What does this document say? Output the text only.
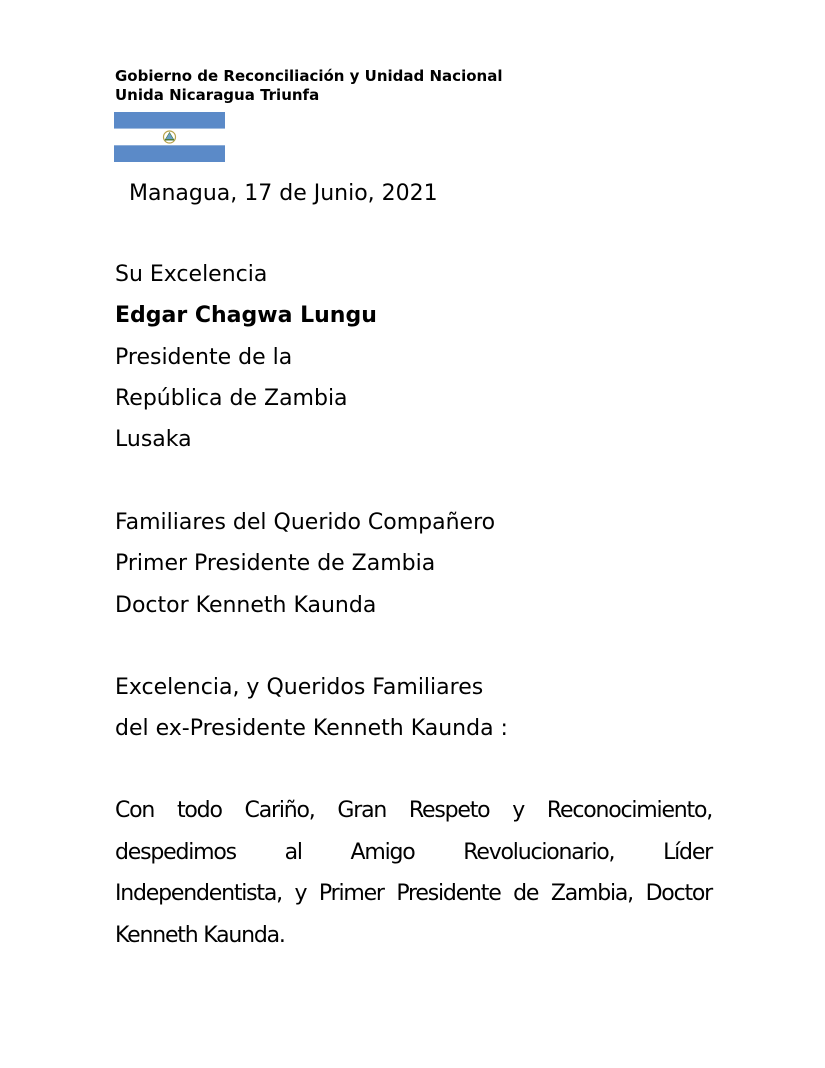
Gobierno de Reconciliación y Unidad Nacional
Unida Nicaragua Triunfa
Managua, 17 de Junio, 2021
Su Excelencia
Edgar Chagwa Lungu
Presidente de la
República de Zambia
Lusaka
Familiares del Querido Compañero
Primer Presidente de Zambia
Doctor Kenneth Kaunda
Excelencia, y Queridos Familiares
del ex-Presidente Kenneth Kaunda :
Con todo Cariño, Gran Respeto y Reconocimiento, despedimos al Amigo Revolucionario, Líder Independentista, y Primer Presidente de Zambia, Doctor Kenneth Kaunda.
